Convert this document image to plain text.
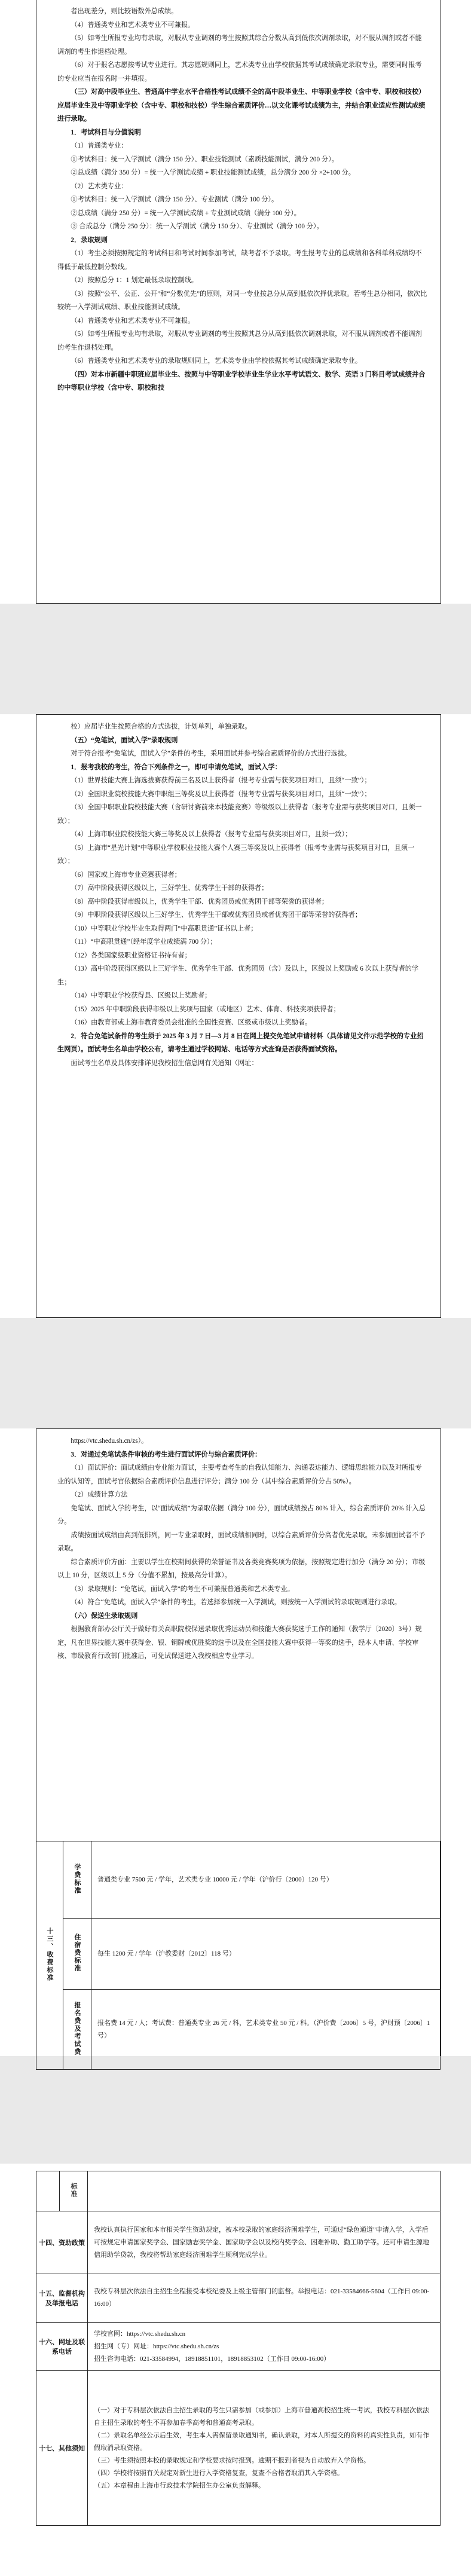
者出现差分，则比较语数外总成绩。

（4）普通类专业和艺术类专业不可兼报。

（5）如考生所报专业均有录取，对服从专业调剂的考生按照其综合分数从高到低依次调剂录取，对不服从调剂或者不能调剂的考生作退档处理。

（6）对于报名志愿按考试专业进行。其志愿规则同上，艺术类专业由学校依据其考试成绩确定录取专业，需要同时报考的专业应当在报名时一并填报。

（三）对高中段毕业生、普通高中学业水平合格性考试成绩不全的高中段毕业生、中等职业学校（含中专、职校和技校）应届毕业生及中等职业学校（含中专、职校和技校）学生综合素质评价…以文化课考试成绩为主，并结合职业适应性测试成绩进行录取。

1．考试科目与分值说明

（1）普通类专业：

①考试科目：统一入学测试（满分 150 分）、职业技能测试（素质技能测试，满分 200 分）。

②总成绩（满分 350 分）= 统一入学测试成绩 + 职业技能测试成绩，总分满分 200 分 ×2+100 分。

（2）艺术类专业：

①考试科目：统一入学测试（满分 150 分）、专业测试（满分 100 分）。

②总成绩（满分 250 分）= 统一入学测试成绩 + 专业测试成绩（满分 100 分）。

③ 合成总分（满分 250 分）：统一入学测试（满分 150 分）、专业测试（满分 100 分）。

2．录取规则

（1）考生必须按照规定的考试科目和考试时间参加考试，缺考者不予录取。考生报考专业的总成绩和各科单科成绩均不得低于最低控制分数线。

（2）按照总分 1：1 划定最低录取控制线。

（3）按照“公平、公正、公开”和“分数优先”的原则，对同一专业按总分从高到低依次择优录取。若考生总分相同，依次比较统一入学测试成绩、职业技能测试成绩。

（4）普通类专业和艺术类专业不可兼报。

（5）如考生所报专业均有录取，对服从专业调剂的考生按照其总分从高到低依次调剂录取，对不服从调剂或者不能调剂的考生作退档处理。

（6）普通类专业和艺术类专业的录取规则同上，艺术类专业由学校依据其考试成绩确定录取专业。

（四）对本市新疆中职班应届毕业生、按照与中等职业学校毕业生学业水平考试语文、数学、英语 3 门科目考试成绩并合的中等职业学校（含中专、职校和技

校）应届毕业生按照合格的方式选拔，计划单列，单独录取。

（五）“免笔试，面试入学”录取规则

对于符合报考“免笔试，面试入学”条件的考生，采用面试并参考综合素质评价的方式进行选拔。

1．报考我校的考生，符合下列条件之一，即可申请免笔试，面试入学：

（1）世界技能大赛上海选拔赛获得前三名及以上获得者（报考专业需与获奖项目对口，且须“一致”）；

（2）全国职业院校技能大赛中职组三等奖及以上获得者（报考专业需与获奖项目对口，且须“一致”）；

（3）全国中职职业院校技能大赛（含研讨赛前来本技能竞赛）等级级以上获得者（报考专业需与获奖项目对口，且须一致）；

（4）上海市职业院校技能大赛三等奖及以上获得者（报考专业需与获奖项目对口，且须一致）；

（5）上海市“星光计划”中等职业学校职业技能大赛个人赛三等奖及以上获得者（报考专业需与获奖项目对口，且须一致）；

（6）国家或上海市专业竞赛获得者；

（7）高中阶段获得区级以上，三好学生、优秀学生干部的获得者；

（8）高中阶段获得市级以上，优秀学生干部、优秀团员或优秀团干部等荣誉的获得者；

（9）中职阶段获得区级以上三好学生、优秀学生干部或优秀团员或者优秀团干部等荣誉的获得者；

（10）中等职业学校毕业生取得两门“中高职贯通”证书以上者；

（11）“中高职贯通”（经年度学业成绩满 700 分）；

（12）各类国家级职业资格证书持有者；

（13）高中阶段获得区级以上三好学生、优秀学生干部、优秀团员（含）及以上，区级以上奖励或 6 次以上获得者的学生；

（14）中等职业学校获得县、区级以上奖励者；

（15）2025 年中职阶段获得市级以上奖项与国家（或地区）艺术、体育、科技奖项获得者；

（16）由教育部或上海市教育委员会批准的全国性竞赛、区级或市级以上奖励者。

2．符合免笔试条件的考生须于 2025 年 3 月 7 日—3 月 8 日在网上提交免笔试申请材料（具体请见文件示范学校的专业招生网页）。面试考生名单由学校公布，请考生通过学校网站、电话等方式查询是否获得面试资格。

面试考生名单及具体安排详见我校招生信息网有关通知（网址：

https://vtc.shedu.sh.cn/zs）。

3．对通过免笔试条件审核的考生进行面试评价与综合素质评价：

（1）面试评价：面试成绩由专业能力面试，主要考查考生的自我认知能力、沟通表达能力、逻辑思维能力以及对所报专业的认知等，面试考官依据综合素质评价信息进行评分；满分 100 分（其中综合素质评价分占 50%）。

（2）成绩计算方法

免笔试、面试入学的考生，以“面试成绩”为录取依据（满分 100 分），面试成绩按占 80% 计入，综合素质评价 20% 计入总分。

成绩按面试成绩由高到低排列，同一专业录取时，面试成绩相同时，以综合素质评价分高者优先录取。未参加面试者不予录取。

综合素质评价方面：主要以学生在校期间获得的荣誉证书及各类竞赛奖项为依据，按照规定进行加分（满分 20 分）；市级以上 10 分，区级以上 5 分（分值不累加，按最高分计算）。

（3）录取规则：“免笔试，面试入学”的考生不可兼报普通类和艺术类专业。

（4）符合“免笔试，面试入学”条件的考生，若选择参加统一入学测试，则按统一入学测试的录取规则进行录取。

（六）保送生录取规则

根据教育部办公厅关于做好有关高职院校保送录取优秀运动员和技能大赛获奖选手工作的通知（教学厅〔2020〕3号）规定，凡在世界技能大赛中获得金、银、铜牌或优胜奖的选手以及在全国技能大赛中获得一等奖的选手，经本人申请、学校审核、市级教育行政部门批准后，可免试保送进入我校相应专业学习。

十三、收费标准	学费标准	普通类专业 7500 元 / 学年，艺术类专业 10000 元 / 学年（沪价行〔2000〕120 号）
	住宿费标准	每生 1200 元 / 学年（沪教委财〔2012〕118 号）
	报名费及考试费	报名费 14 元 / 人；考试费：普通类专业 26 元 / 科，艺术类专业 50 元 / 科。（沪价费〔2006〕5 号，沪财预〔2006〕1 号）
	标准	
十四、资助政策		我校认真执行国家和本市相关学生资助规定，被本校录取的家庭经济困难学生，可通过“绿色通道”申请入学，入学后可按规定申请国家奖学金、国家励志奖学金、国家助学金以及校内奖学金、困难补助、勤工助学等。还可申请生源地信用助学贷款，我校将帮助家庭经济困难学生顺利完成学业。
十五、监督机构及举报电话		我校专科层次依法自主招生全程接受本校纪委及上级主管部门的监督。举报电话：021-33584666-5604（工作日 09:00-16:00）
十六、网址及联系电话		学校官网：https://vtc.shedu.sh.cn
招生网（专）网址：https://vtc.shedu.sh.cn/zs
招生咨询电话：021-33584994，18918851101，18918853102（工作日 09:00-16:00）
十七、其他须知		（一）对于专科层次依法自主招生录取的考生只需参加（或参加）上海市普通高校招生统一考试，我校专科层次依法自主招生录取的考生不再参加春季高考和普通高考录取。
（二）录取名单经公示后生效，考生本人需保留录取通知书，确认录取，对本人所提交的资料的真实性负责，如有作假取消录取资格。
（三）考生须按照本校的录取规定和学校要求按时报到。逾期不报到者视为自动放弃入学资格。
（四）学校将按照有关规定对新生进行入学资格复查，复查不合格者取消其入学资格。
（五）本章程由上海市行政技术学院招生办公室负责解释。
